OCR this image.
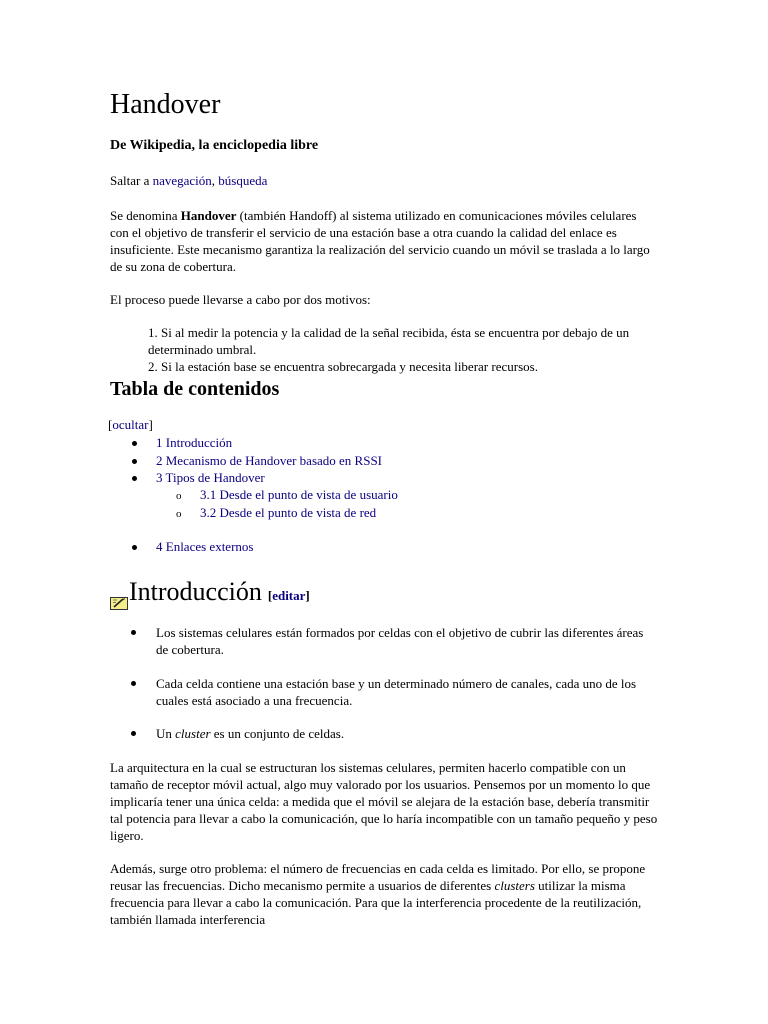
Handover

De Wikipedia, la enciclopedia libre

Saltar a navegación, búsqueda

Se denomina Handover (también Handoff) al sistema utilizado en comunicaciones móviles celulares con el objetivo de transferir el servicio de una estación base a otra cuando la calidad del enlace es insuficiente. Este mecanismo garantiza la realización del servicio cuando un móvil se traslada a lo largo de su zona de cobertura.

El proceso puede llevarse a cabo por dos motivos:

1. Si al medir la potencia y la calidad de la señal recibida, ésta se encuentra por debajo de un determinado umbral.

2. Si la estación base se encuentra sobrecargada y necesita liberar recursos.

Tabla de contenidos

[ocultar]

1 Introducción

2 Mecanismo de Handover basado en RSSI

3 Tipos de Handover

o 3.1 Desde el punto de vista de usuario

o 3.2 Desde el punto de vista de red

4 Enlaces externos

Introducción [editar]
Los sistemas celulares están formados por celdas con el objetivo de cubrir las diferentes áreas de cobertura.
Cada celda contiene una estación base y un determinado número de canales, cada uno de los cuales está asociado a una frecuencia.
Un cluster es un conjunto de celdas.

La arquitectura en la cual se estructuran los sistemas celulares, permiten hacerlo compatible con un tamaño de receptor móvil actual, algo muy valorado por los usuarios. Pensemos por un momento lo que implicaría tener una única celda: a medida que el móvil se alejara de la estación base, debería transmitir tal potencia para llevar a cabo la comunicación, que lo haría incompatible con un tamaño pequeño y peso ligero.

Además, surge otro problema: el número de frecuencias en cada celda es limitado. Por ello, se propone reusar las frecuencias. Dicho mecanismo permite a usuarios de diferentes clusters utilizar la misma frecuencia para llevar a cabo la comunicación. Para que la interferencia procedente de la reutilización, también llamada interferencia
